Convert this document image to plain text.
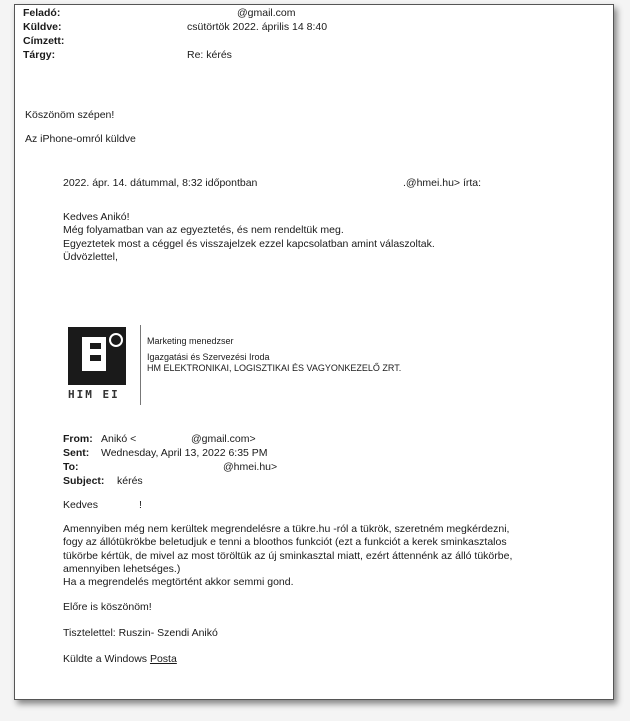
Feladó:	@gmail.com
Küldve:	csütörtök 2022. április 14 8:40
Címzett:
Tárgy:	Re: kérés
Köszönöm szépen!
Az iPhone-omról küldve
2022. ápr. 14. dátummal, 8:32 időpontban	.@hmei.hu> írta:
Kedves Anikó!
Még folyamatban van az egyeztetés, és nem rendeltük meg.
Egyeztetek most a céggel és visszajelzek ezzel kapcsolatban amint válaszoltak.
Üdvözlettel,
HIM EI
Marketing menedzser
Igazgatási és Szervezési Iroda
HM ELEKTRONIKAI, LOGISZTIKAI ÉS VAGYONKEZELŐ ZRT.
From: Anikó <	@gmail.com>
Sent: Wednesday, April 13, 2022 6:35 PM
To:	@hmei.hu>
Subject: kérés
Kedves	!
Amennyiben még nem kerültek megrendelésre a tükre.hu -ról a tükrök, szeretném megkérdezni,
fogy az állótükrökbe beletudjuk e tenni a bloothos funkciót (ezt a funkciót a kerek sminkasztalos
tükörbe kértük, de mivel az most töröltük az új sminkasztal miatt, ezért áttennénk az álló tükörbe,
amennyiben lehetséges.)
Ha a megrendelés megtörtént akkor semmi gond.
Előre is köszönöm!
Tisztelettel: Ruszin- Szendi Anikó
Küldte a Windows Posta
